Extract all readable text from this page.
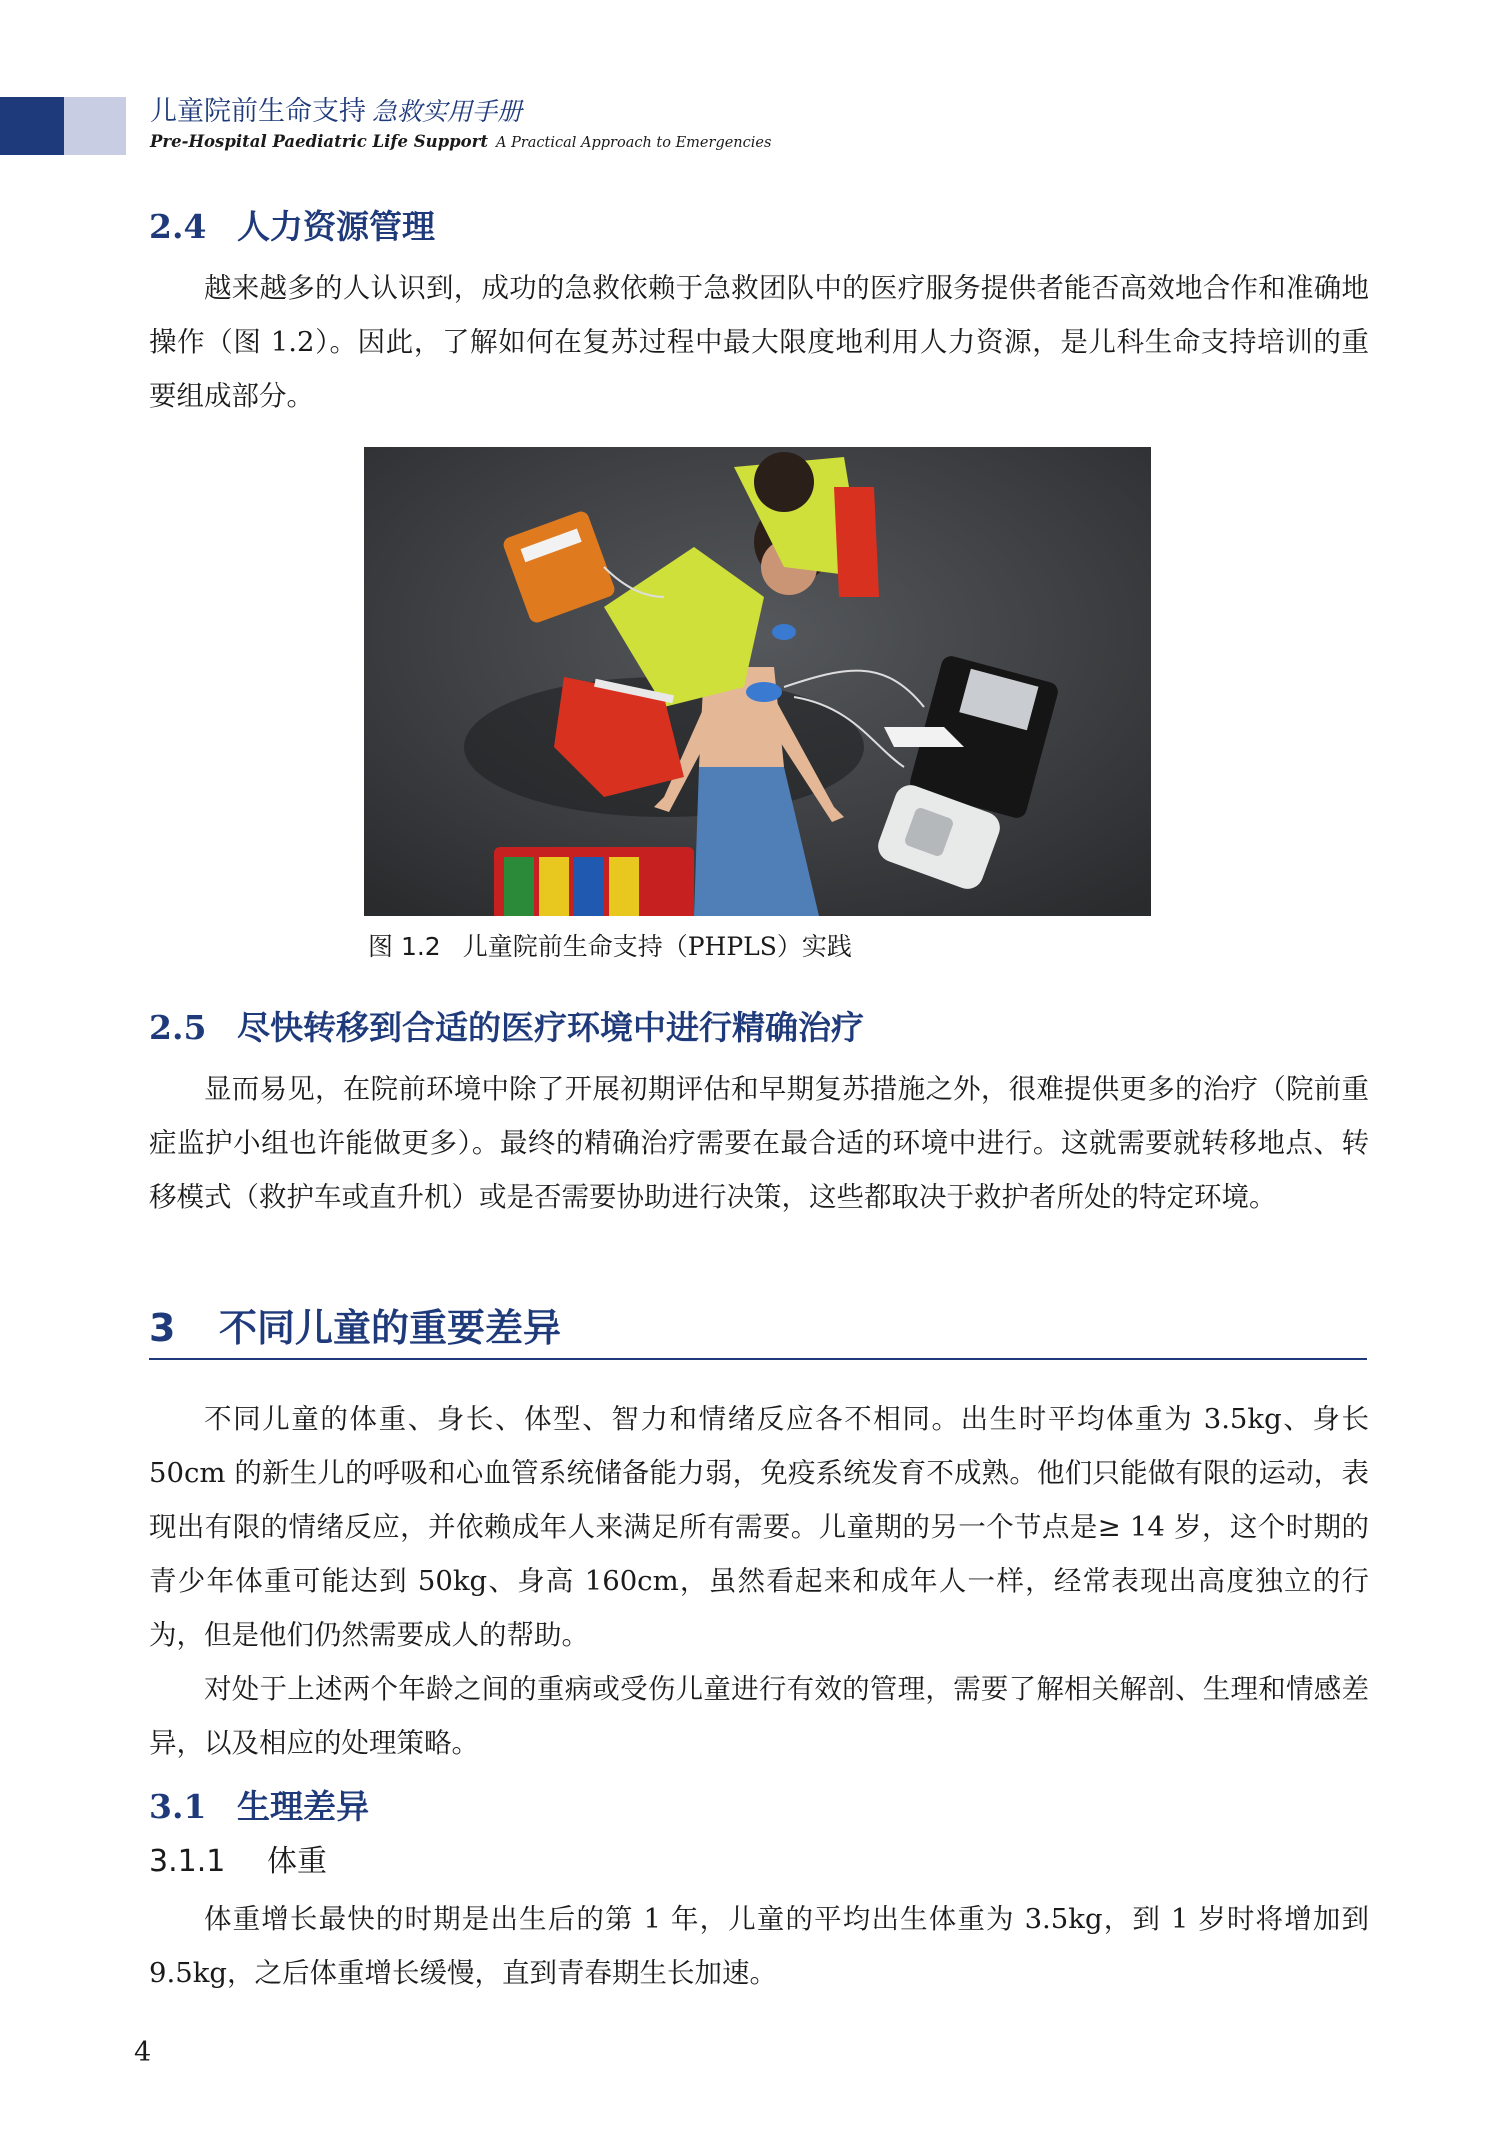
儿童院前生命支持 急救实用手册
Pre-Hospital Paediatric Life Support A Practical Approach to Emergencies
2.4 人力资源管理
越来越多的人认识到，成功的急救依赖于急救团队中的医疗服务提供者能否高效地合作和准确地操作（图 1.2）。因此，了解如何在复苏过程中最大限度地利用人力资源，是儿科生命支持培训的重要组成部分。
图 1.2 儿童院前生命支持（PHPLS）实践
2.5 尽快转移到合适的医疗环境中进行精确治疗
显而易见，在院前环境中除了开展初期评估和早期复苏措施之外，很难提供更多的治疗（院前重症监护小组也许能做更多）。最终的精确治疗需要在最合适的环境中进行。这就需要就转移地点、转移模式（救护车或直升机）或是否需要协助进行决策，这些都取决于救护者所处的特定环境。
3 不同儿童的重要差异
不同儿童的体重、身长、体型、智力和情绪反应各不相同。出生时平均体重为 3.5kg、身长 50cm 的新生儿的呼吸和心血管系统储备能力弱，免疫系统发育不成熟。他们只能做有限的运动，表现出有限的情绪反应，并依赖成年人来满足所有需要。儿童期的另一个节点是≥ 14 岁，这个时期的青少年体重可能达到 50kg、身高 160cm，虽然看起来和成年人一样，经常表现出高度独立的行为，但是他们仍然需要成人的帮助。
对处于上述两个年龄之间的重病或受伤儿童进行有效的管理，需要了解相关解剖、生理和情感差异，以及相应的处理策略。
3.1 生理差异
3.1.1 体重
体重增长最快的时期是出生后的第 1 年，儿童的平均出生体重为 3.5kg，到 1 岁时将增加到 9.5kg，之后体重增长缓慢，直到青春期生长加速。
4
